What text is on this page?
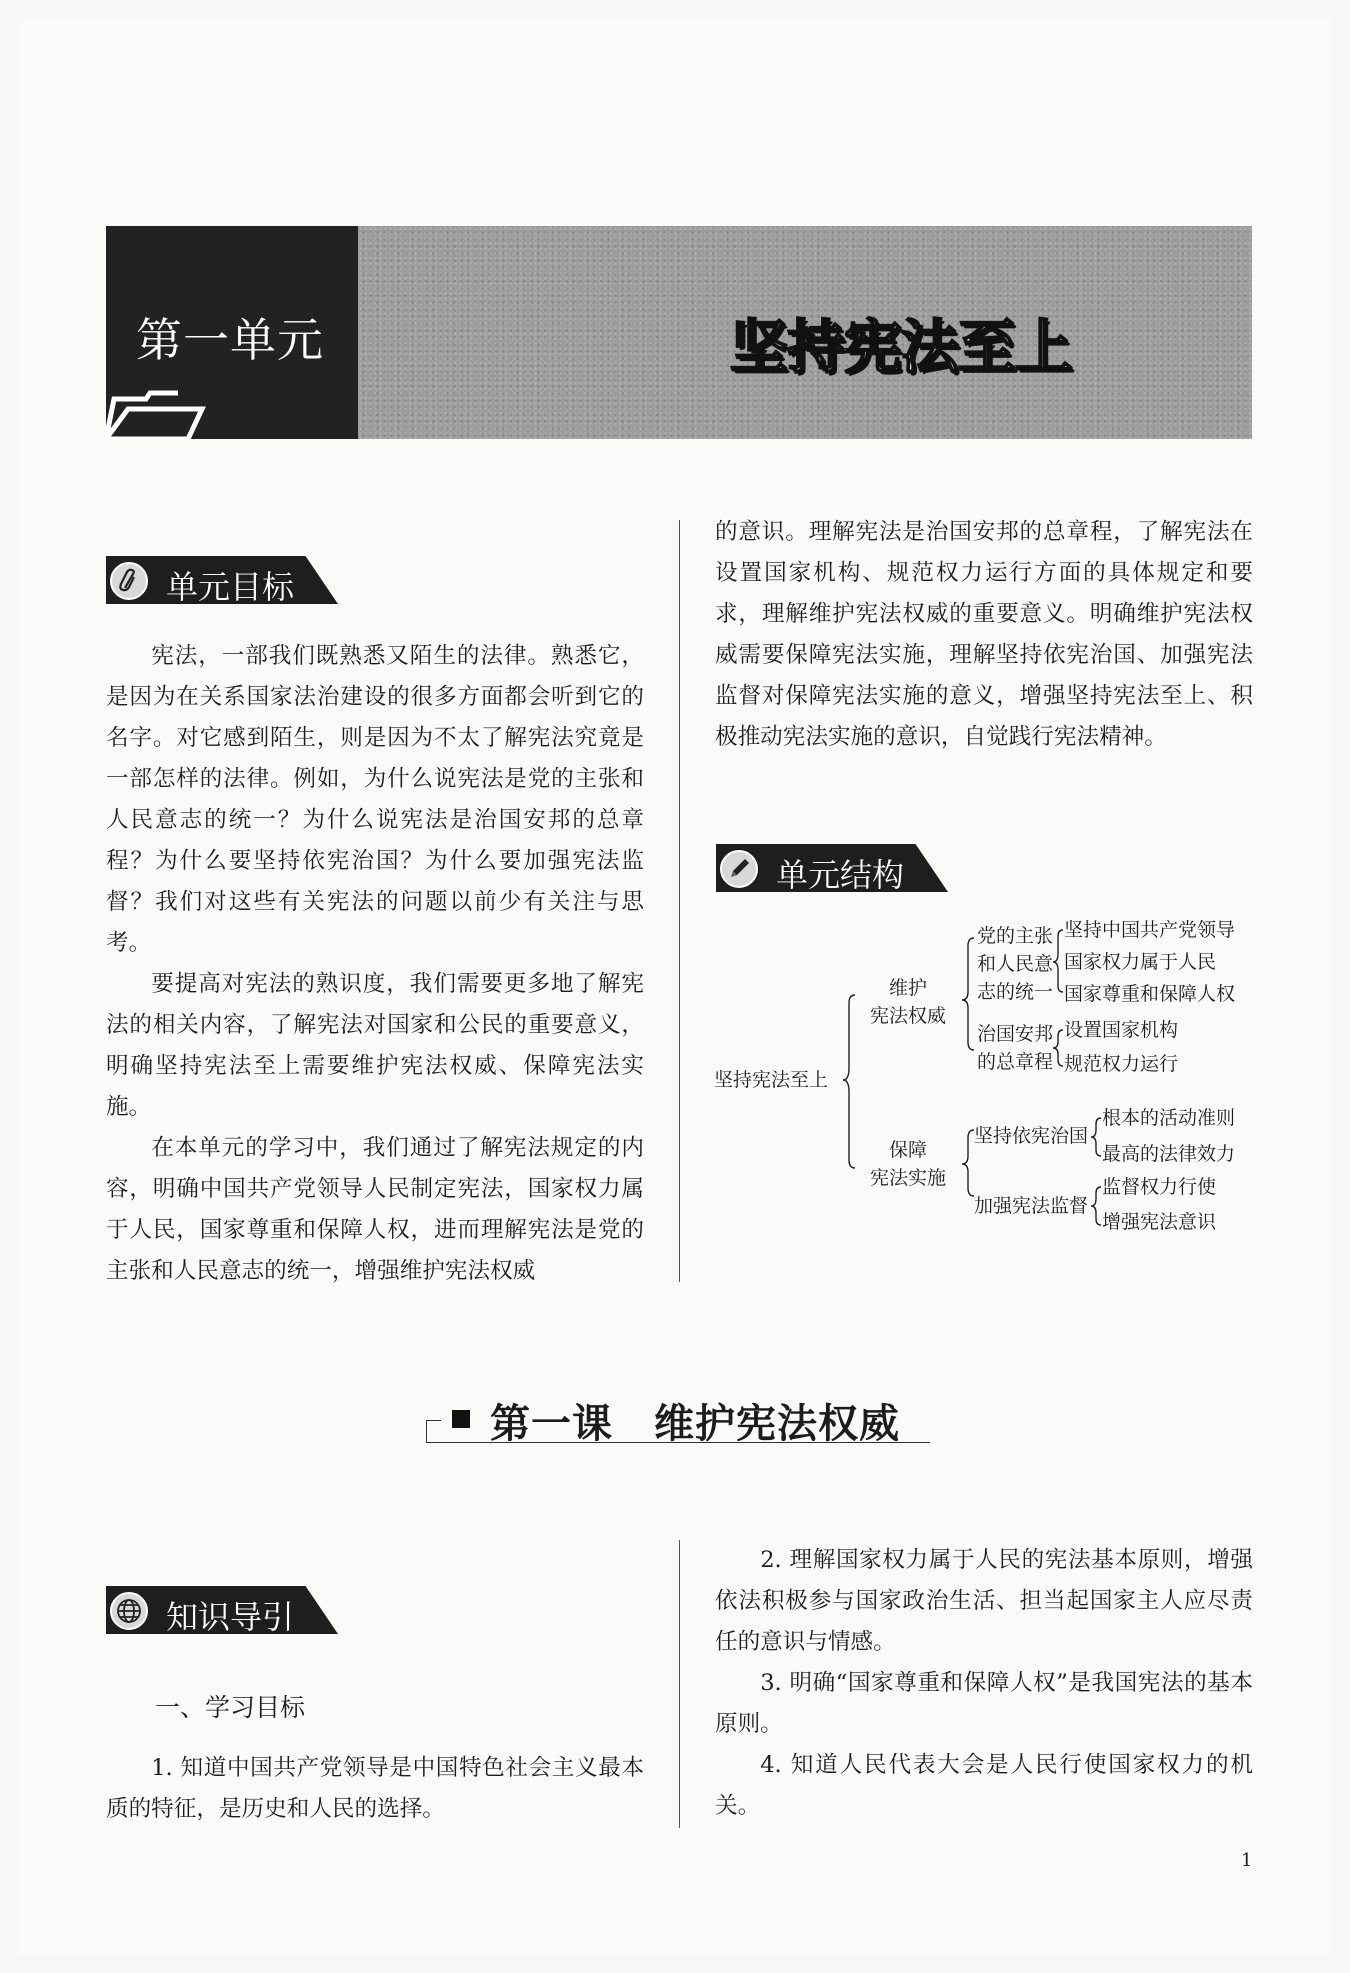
第一单元	坚持宪法至上
单元目标

宪法，一部我们既熟悉又陌生的法律。熟悉它，是因为在关系国家法治建设的很多方面都会听到它的名字。对它感到陌生，则是因为不太了解宪法究竟是一部怎样的法律。例如，为什么说宪法是党的主张和人民意志的统一？为什么说宪法是治国安邦的总章程？为什么要坚持依宪治国？为什么要加强宪法监督？我们对这些有关宪法的问题以前少有关注与思考。

要提高对宪法的熟识度，我们需要更多地了解宪法的相关内容，了解宪法对国家和公民的重要意义，明确坚持宪法至上需要维护宪法权威、保障宪法实施。

在本单元的学习中，我们通过了解宪法规定的内容，明确中国共产党领导人民制定宪法，国家权力属于人民，国家尊重和保障人权，进而理解宪法是党的主张和人民意志的统一，增强维护宪法权威

的意识。理解宪法是治国安邦的总章程，了解宪法在设置国家机构、规范权力运行方面的具体规定和要求，理解维护宪法权威的重要意义。明确维护宪法权威需要保障宪法实施，理解坚持依宪治国、加强宪法监督对保障宪法实施的意义，增强坚持宪法至上、积极推动宪法实施的意识，自觉践行宪法精神。

单元结构
坚持宪法至上
维护
宪法权威
党的主张
和人民意
志的统一
坚持中国共产党领导
国家权力属于人民
国家尊重和保障人权
治国安邦
的总章程
设置国家机构
规范权力运行
保障
宪法实施
坚持依宪治国
根本的活动准则
最高的法律效力
加强宪法监督
监督权力行使
增强宪法意识
第一课　维护宪法权威
知识导引
一、学习目标

1. 知道中国共产党领导是中国特色社会主义最本质的特征，是历史和人民的选择。

2. 理解国家权力属于人民的宪法基本原则，增强依法积极参与国家政治生活、担当起国家主人应尽责任的意识与情感。

3. 明确“国家尊重和保障人权”是我国宪法的基本原则。

4. 知道人民代表大会是人民行使国家权力的机关。

1
